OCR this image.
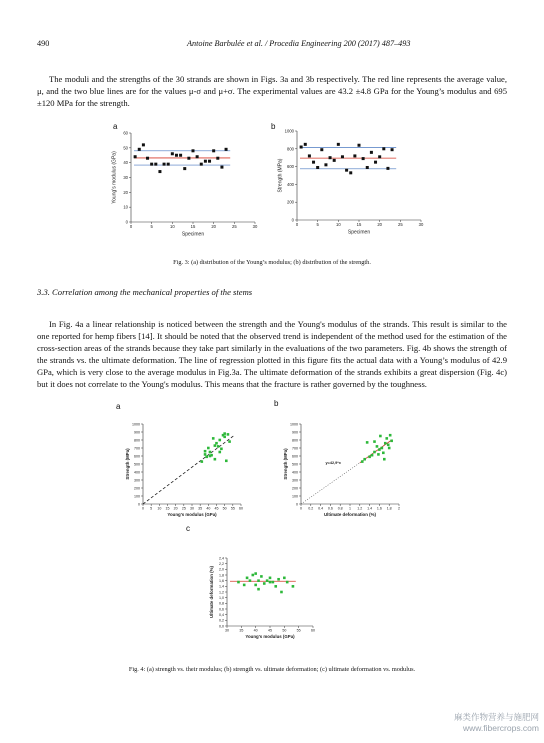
490	Antoine Barbulée et al. / Procedia Engineering 200 (2017) 487–493
The moduli and the strengths of the 30 strands are shown in Figs. 3a and 3b respectively. The red line represents the average value, μ, and the two blue lines are for the values μ-σ and μ+σ. The experimental values are 43.2 ±4.8 GPa for the Young’s modulus and 695 ±120 MPa for the strength.
a	b
0	5	10	15	20	25	30
0
10
20
30
40
50
60
Specimen
Young's modulus (GPa)
0	5	10	15	20	25	30
0
200
400
600
800
1000
Specimen
Strength (MPa)
Fig. 3: (a) distribution of the Young’s modulus; (b) distribution of the strength.
3.3. Correlation among the mechanical properties of the stems
In Fig. 4a a linear relationship is noticed between the strength and the Young's modulus of the strands. This result is similar to the one reported for hemp fibers [14]. It should be noted that the observed trend is independent of the method used for the estimation of the cross-section areas of the strands because they take part similarly in the evaluations of the two parameters. Fig. 4b shows the strength of the strands vs. the ultimate deformation. The line of regression plotted in this figure fits the actual data with a Young’s modulus of 42.9 GPa, which is very close to the average modulus in Fig.3a. The ultimate deformation of the strands exhibits a great dispersion (Fig. 4c) but it does not correlate to the Young's modulus. This means that the fracture is rather governed by the toughness.
a	b
c
0 5 10 15 20 25 30 35 40 45 50 55 60
0
100
200
300
400
500
600
700
800
900
1000
Young's modulus (GPa)
Strength (MPa)
0 0.2 0.4 0.6 0.8 1 1.2 1.4 1.6 1.8 2
0
100
200
300
400
500
600
700
800
900
1000
Ultimate deformation (%)
Strength (MPa)	y=42,9*x
30	35	40	45	50	55	60
0,0
0,2
0,4
0,6
0,8
1,0
1,2
1,4
1,6
1,8
2,0
2,2
2,4
Young's modulus (GPa)
Ultimate deformation (%)
Fig. 4: (a) strength vs. their modulus; (b) strength vs. ultimate deformation; (c) ultimate deformation vs. modulus.
麻类作物营养与施肥网
www.fibercrops.com
